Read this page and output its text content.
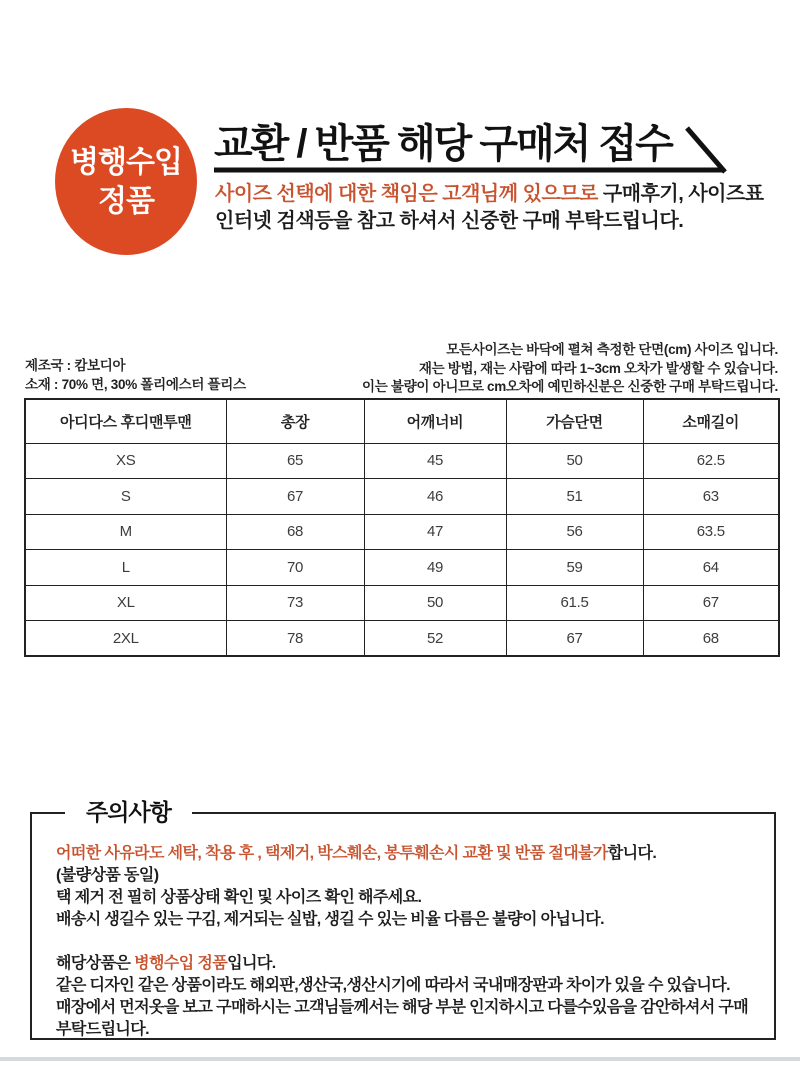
병행수입
정품
교환 / 반품 해당 구매처 접수
사이즈 선택에 대한 책임은 고객님께 있으므로 구매후기, 사이즈표
인터넷 검색등을 참고 하셔서 신중한 구매 부탁드립니다.
제조국 : 캄보디아
소재 : 70% 면, 30% 폴리에스터 플리스
모든사이즈는 바닥에 펼쳐 측정한 단면(cm) 사이즈 입니다.
재는 방법, 재는 사람에 따라 1~3cm 오차가 발생할 수 있습니다.
이는 불량이 아니므로 cm오차에 예민하신분은 신중한 구매 부탁드립니다.
아디다스 후디맨투맨	총장	어깨너비	가슴단면	소매길이
XS	65	45	50	62.5
S	67	46	51	63
M	68	47	56	63.5
L	70	49	59	64
XL	73	50	61.5	67
2XL	78	52	67	68
주의사항
어떠한 사유라도 세탁, 착용 후 , 택제거, 박스훼손, 봉투훼손시 교환 및 반품 절대불가합니다.
(불량상품 동일)
택 제거 전 필히 상품상태 확인 및 사이즈 확인 해주세요.
배송시 생길수 있는 구김, 제거되는 실밥, 생길 수 있는 비율 다름은 불량이 아닙니다.
해당상품은 병행수입 정품입니다.
같은 디자인 같은 상품이라도 해외판,생산국,생산시기에 따라서 국내매장판과 차이가 있을 수 있습니다.
매장에서 먼저옷을 보고 구매하시는 고객님들께서는 해당 부분 인지하시고 다를수있음을 감안하셔서 구매
부탁드립니다.
